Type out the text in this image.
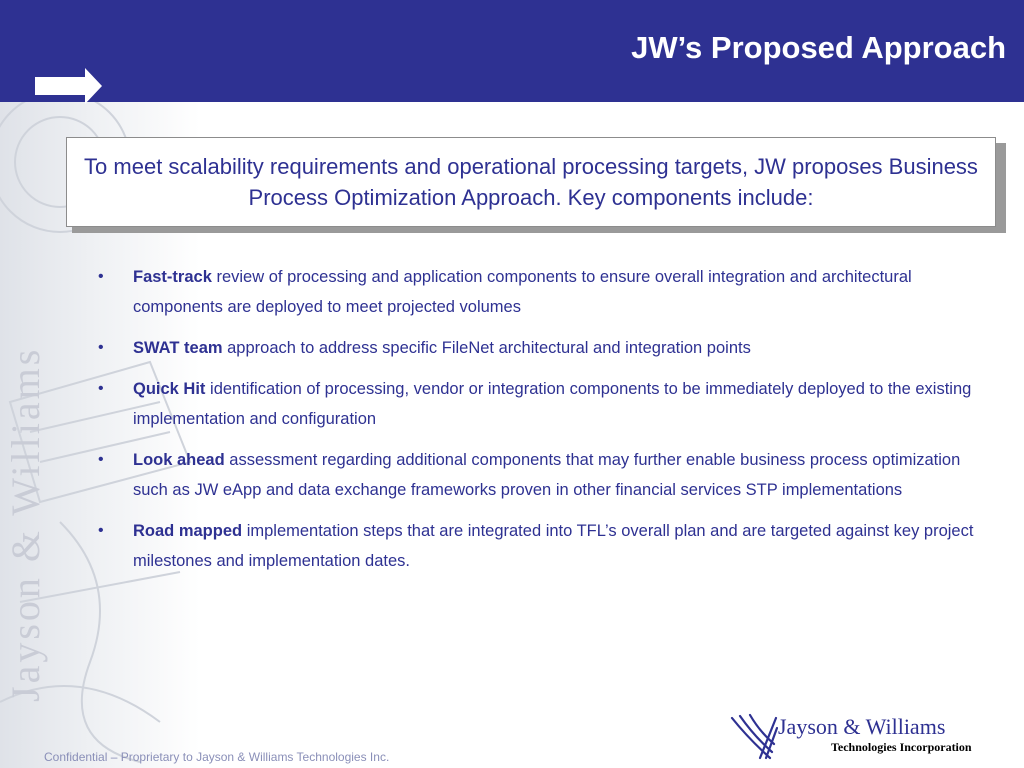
Jayson & Williams
JW’s Proposed Approach
To meet scalability requirements and operational processing targets, JW proposes Business Process Optimization Approach. Key components include:
•	Fast-track review of processing and application components to ensure overall integration and architectural components are deployed to meet projected volumes
•	SWAT team approach to address specific FileNet architectural and integration points
•	Quick Hit identification of processing, vendor or integration components to be immediately deployed to the existing implementation and configuration
•	Look ahead assessment regarding additional components that may further enable business process optimization such as JW eApp and data exchange frameworks proven in other financial services STP implementations
•	Road mapped implementation steps that are integrated into TFL’s overall plan and are targeted against key project milestones and implementation dates.
Confidential – Proprietary to Jayson & Williams Technologies Inc.
Jayson & Williams
Technologies Incorporation
